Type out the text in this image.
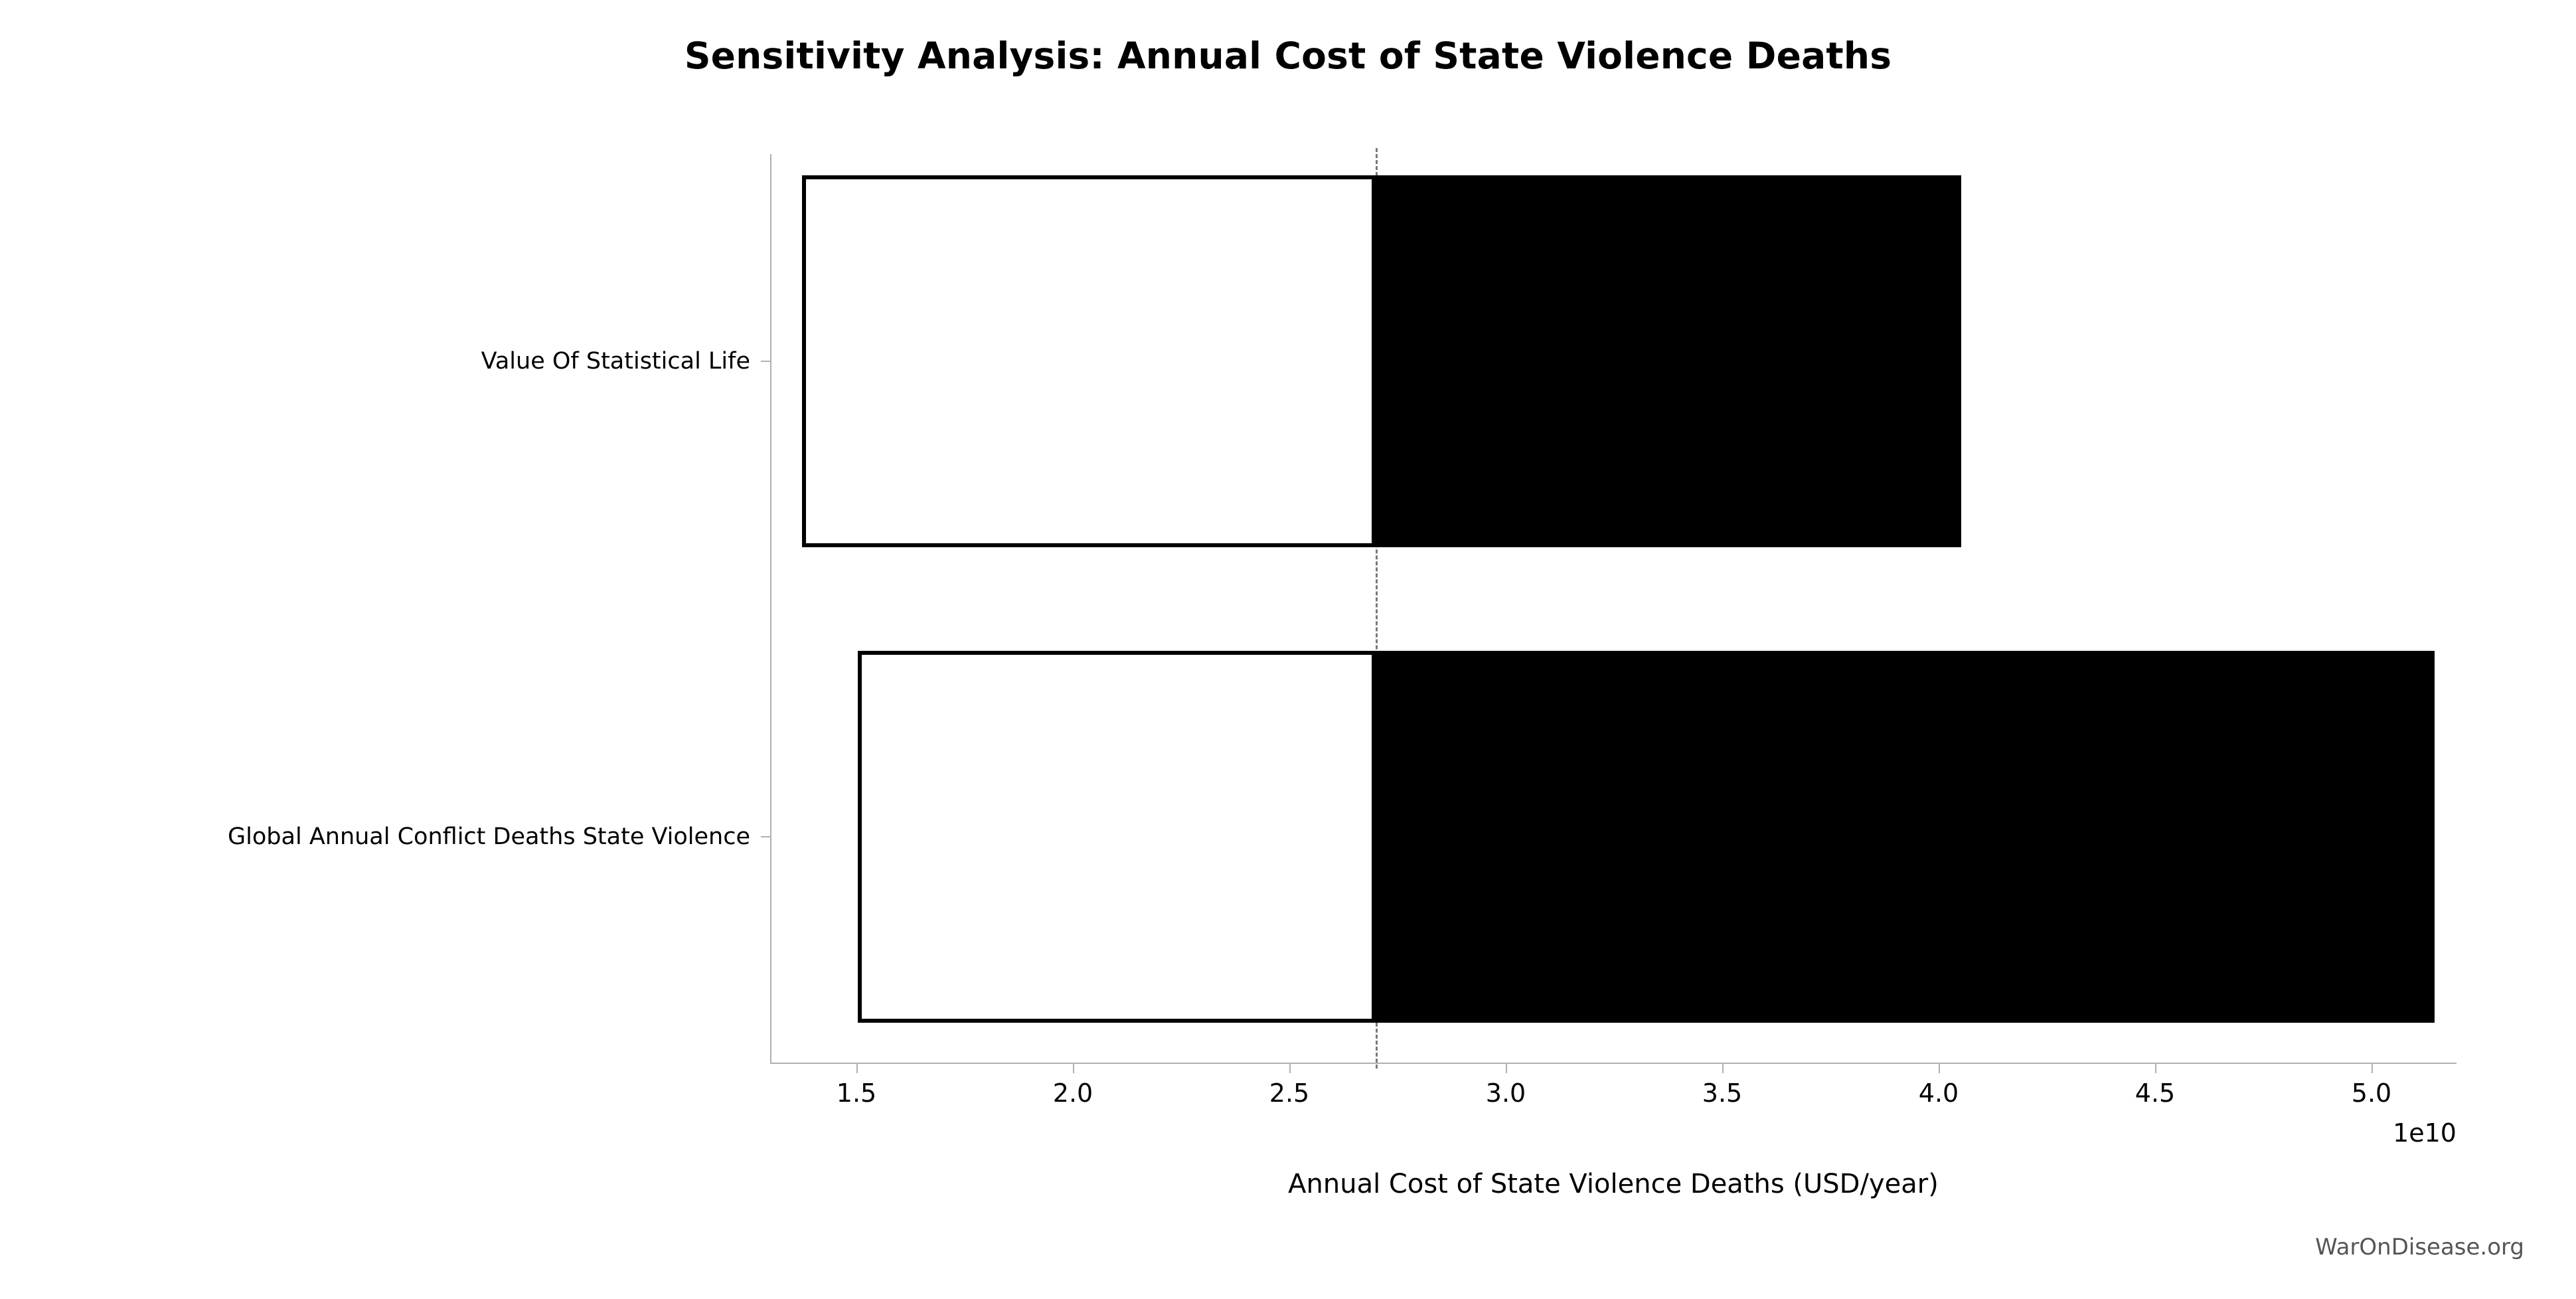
Sensitivity Analysis: Annual Cost of State Violence Deaths
Value Of Statistical Life
Global Annual Conflict Deaths State Violence
1.5	2.0	2.5	3.0	3.5	4.0	4.5	5.0
1e10
Annual Cost of State Violence Deaths (USD/year)
WarOnDisease.org
